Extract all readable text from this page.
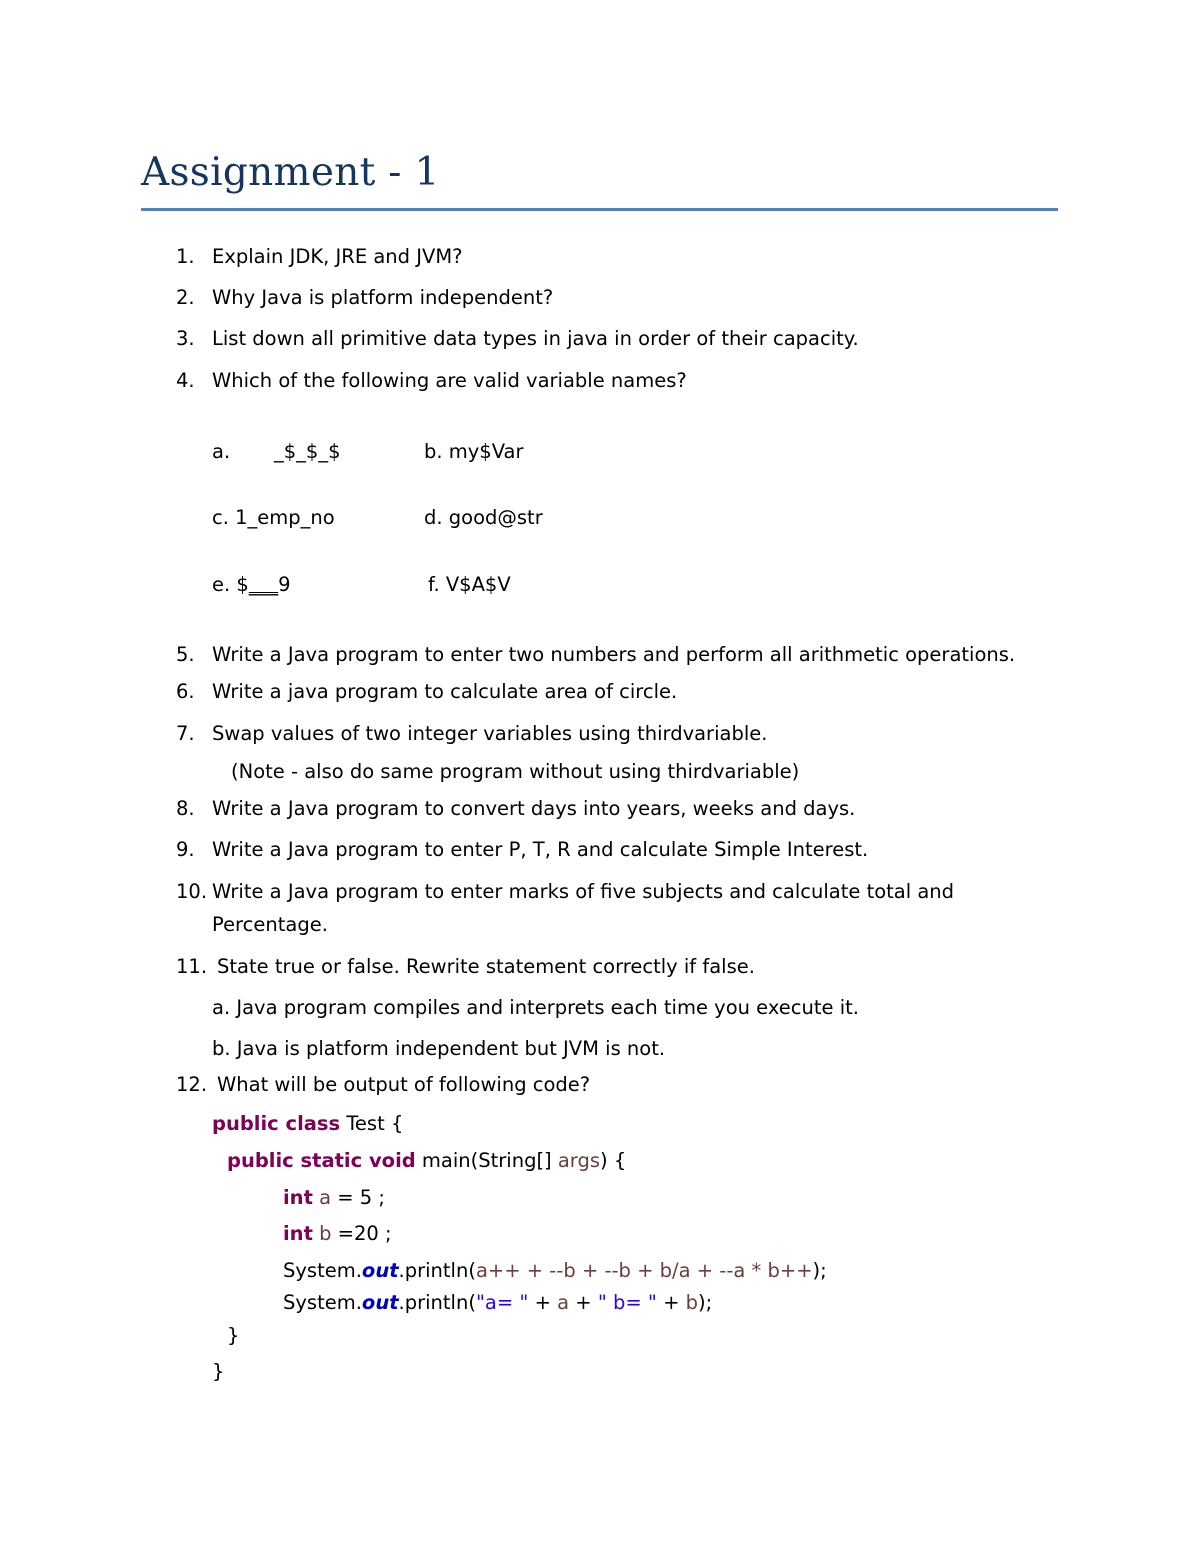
Assignment - 1
1. Explain JDK, JRE and JVM?
2. Why Java is platform independent?
3. List down all primitive data types in java in order of their capacity.
4. Which of the following are valid variable names?
a. _$_$_$	b. my$Var
c. 1_emp_no	d. good@str
e. $___9	f. V$A$V
5. Write a Java program to enter two numbers and perform all arithmetic operations.
6. Write a java program to calculate area of circle.
7. Swap values of two integer variables using thirdvariable.
(Note - also do same program without using thirdvariable)
8. Write a Java program to convert days into years, weeks and days.
9. Write a Java program to enter P, T, R and calculate Simple Interest.
10. Write a Java program to enter marks of five subjects and calculate total and
Percentage.
11. State true or false. Rewrite statement correctly if false.
a. Java program compiles and interprets each time you execute it.
b. Java is platform independent but JVM is not.
12. What will be output of following code?
public class Test {
public static void main(String[] args) {
int a = 5 ;
int b =20 ;
System.out.println(a++ + --b + --b + b/a + --a * b++);
System.out.println("a= " + a + " b= " + b);
}
}
